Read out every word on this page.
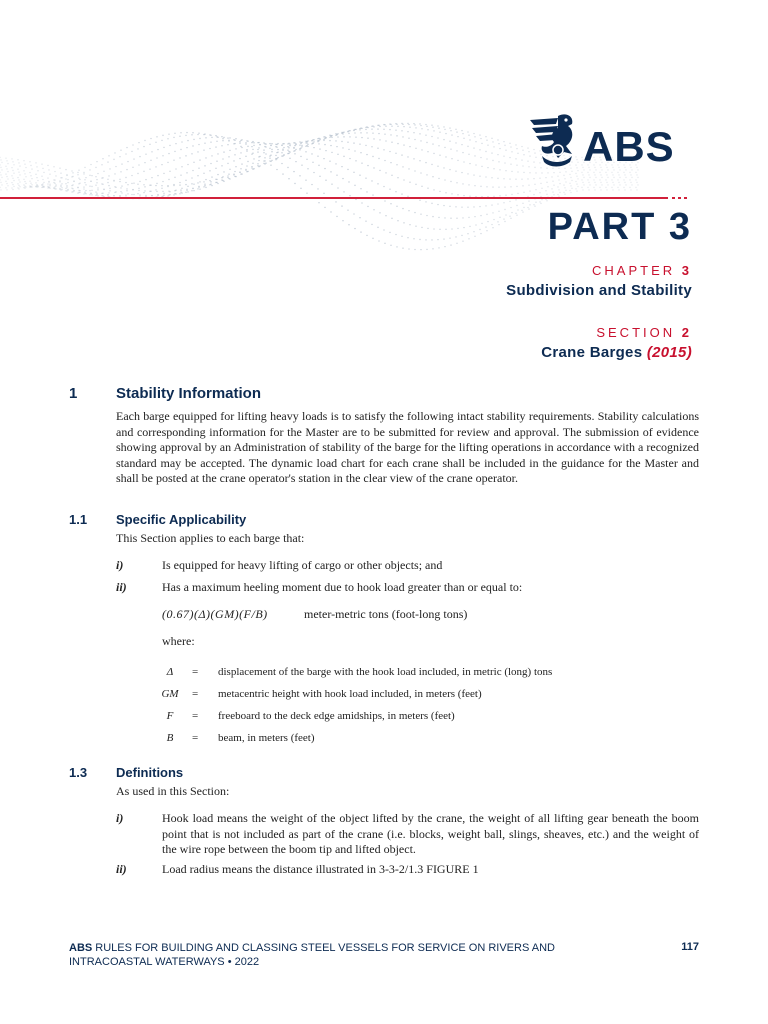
ABS
PART 3
CHAPTER 3
Subdivision and Stability
SECTION 2
Crane Barges (2015)
1	Stability Information
Each barge equipped for lifting heavy loads is to satisfy the following intact stability requirements. Stability calculations and corresponding information for the Master are to be submitted for review and approval. The submission of evidence showing approval by an Administration of stability of the barge for the lifting operations in accordance with a recognized standard may be accepted. The dynamic load chart for each crane shall be included in the guidance for the Master and shall be posted at the crane operator's station in the clear view of the crane operator.
1.1 Specific Applicability
This Section applies to each barge that:
i)	Is equipped for heavy lifting of cargo or other objects; and
ii)	Has a maximum heeling moment due to hook load greater than or equal to:
(0.67)(Δ)(GM)(F/B)	meter-metric tons (foot-long tons)
where:
Δ	= displacement of the barge with the hook load included, in metric (long) tons
GM = metacentric height with hook load included, in meters (feet)
F	= freeboard to the deck edge amidships, in meters (feet)
B	= beam, in meters (feet)
1.3 Definitions
As used in this Section:
i)	Hook load means the weight of the object lifted by the crane, the weight of all lifting gear beneath the boom point that is not included as part of the crane (i.e. blocks, weight ball, slings, sheaves, etc.) and the weight of the wire rope between the boom tip and lifted object.
ii)	Load radius means the distance illustrated in 3-3-2/1.3 FIGURE 1
ABS RULES FOR BUILDING AND CLASSING STEEL VESSELS FOR SERVICE ON RIVERS AND
INTRACOASTAL WATERWAYS • 2022
117
